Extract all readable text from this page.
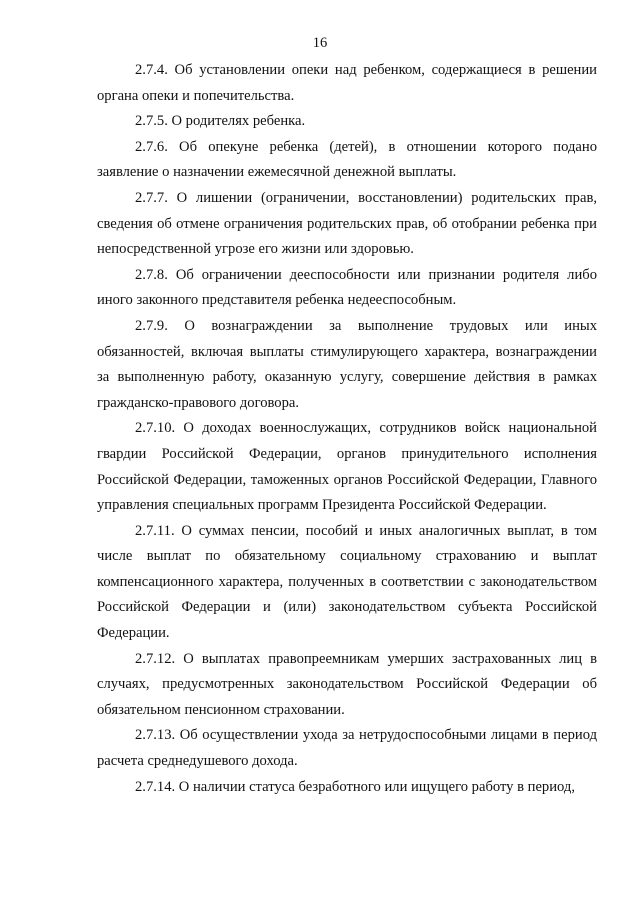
16

2.7.4. Об установлении опеки над ребенком, содержащиеся в решении органа опеки и попечительства.

2.7.5. О родителях ребенка.

2.7.6. Об опекуне ребенка (детей), в отношении которого подано заявление о назначении ежемесячной денежной выплаты.

2.7.7. О лишении (ограничении, восстановлении) родительских прав, сведения об отмене ограничения родительских прав, об отобрании ребенка при непосредственной угрозе его жизни или здоровью.

2.7.8. Об ограничении дееспособности или признании родителя либо иного законного представителя ребенка недееспособным.

2.7.9. О вознаграждении за выполнение трудовых или иных обязанностей, включая выплаты стимулирующего характера, вознаграждении за выполненную работу, оказанную услугу, совершение действия в рамках гражданско-правового договора.

2.7.10. О доходах военнослужащих, сотрудников войск национальной гвардии Российской Федерации, органов принудительного исполнения Российской Федерации, таможенных органов Российской Федерации, Главного управления специальных программ Президента Российской Федерации.

2.7.11. О суммах пенсии, пособий и иных аналогичных выплат, в том числе выплат по обязательному социальному страхованию и выплат компенсационного характера, полученных в соответствии с законодательством Российской Федерации и (или) законодательством субъекта Российской Федерации.

2.7.12. О выплатах правопреемникам умерших застрахованных лиц в случаях, предусмотренных законодательством Российской Федерации об обязательном пенсионном страховании.

2.7.13. Об осуществлении ухода за нетрудоспособными лицами в период расчета среднедушевого дохода.

2.7.14. О наличии статуса безработного или ищущего работу в период,
